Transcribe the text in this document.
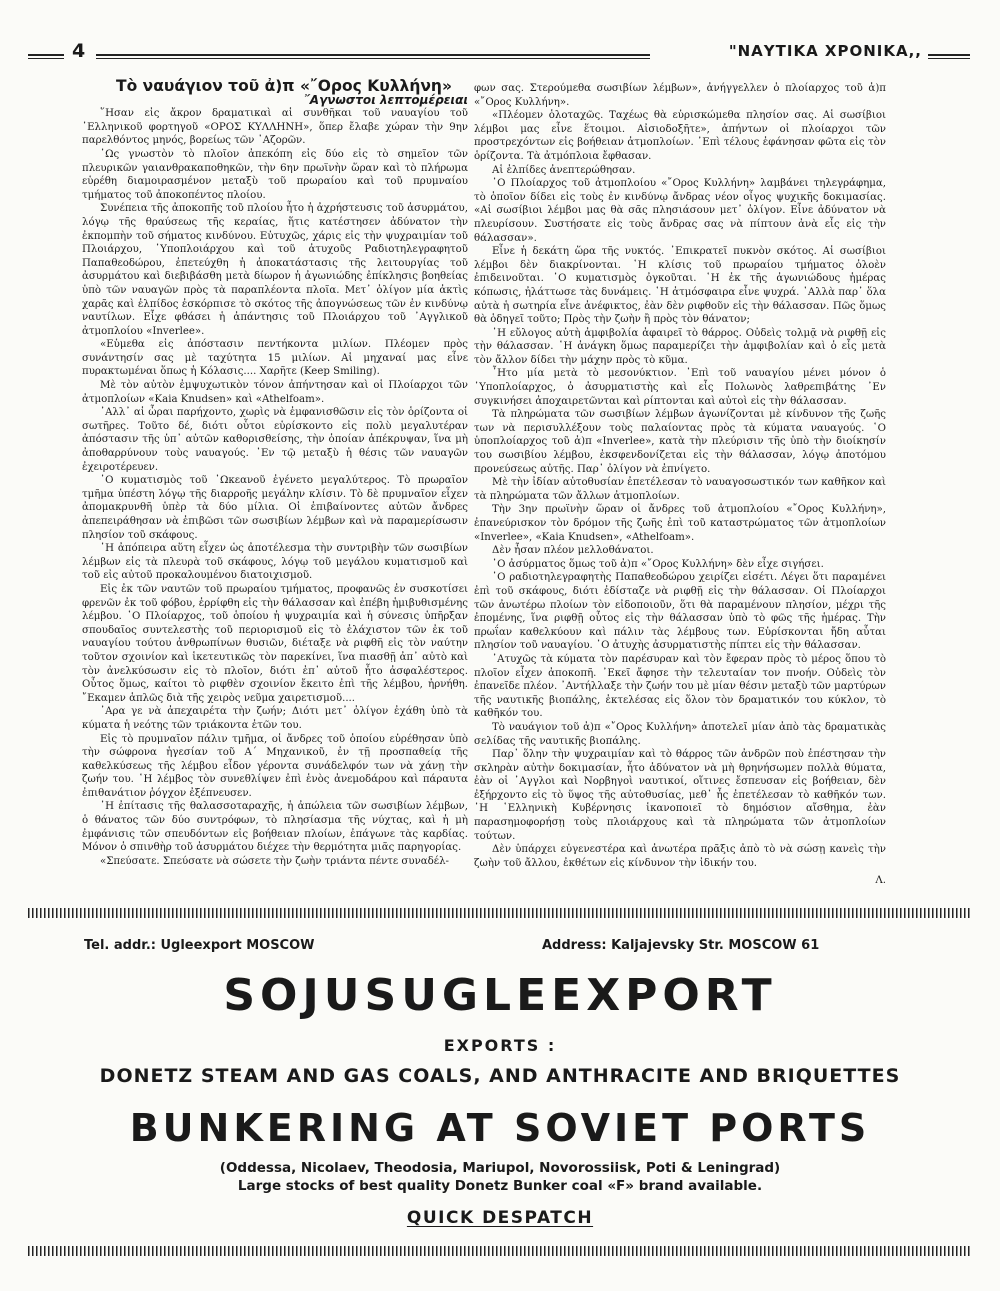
4	"ΝΑΥΤΙΚΑ ΧΡΟΝΙΚΑ,,

Τὸ ναυάγιον τοῦ ἀ)π «῎Ορος Κυλλήνη»

῎Αγνωστοι λεπτομέρειαι

῞Ησαν εἰς ἄκρον δραματικαὶ αἱ συνθῆκαι τοῦ ναυαγίου τοῦ ῾Ελληνικοῦ φορτηγοῦ «ΟΡΟΣ ΚΥΛΛΗΝΗ», ὅπερ ἔλαβε χώραν τὴν 9ην παρελθόντος μηνός, βορείως τῶν ᾿Αζορῶν.

῾Ως γνωστὸν τὸ πλοῖον ἀπεκόπη εἰς δύο εἰς τὸ σημεῖον τῶν πλευρικῶν γαιανθρακαποθηκῶν, τὴν 6ην πρωϊνὴν ὥραν καὶ τὸ πλήρωμα εὑρέθη διαμοιρασμένον μεταξὺ τοῦ πρωραίου καὶ τοῦ πρυμναίου τμήματος τοῦ ἀποκοπέντος πλοίου.

Συνέπεια τῆς ἀποκοπῆς τοῦ πλοίου ἦτο ἡ ἀχρήστευσις τοῦ ἀσυρμάτου, λόγῳ τῆς θραύσεως τῆς κεραίας, ἥτις κατέστησεν ἀδύνατον τὴν ἐκπομπὴν τοῦ σήματος κινδύνου. Εὐτυχῶς, χάρις εἰς τὴν ψυχραιμίαν τοῦ Πλοιάρχου, ῾Υποπλοιάρχου καὶ τοῦ ἀτυχοῦς Ραδιοτηλεγραφητοῦ Παπαθεοδώρου, ἐπετεύχθη ἡ ἀποκατάστασις τῆς λειτουργίας τοῦ ἀσυρμάτου καὶ διεβιβάσθη μετὰ δίωρον ἡ ἀγωνιώδης ἐπίκλησις βοηθείας ὑπὸ τῶν ναυαγῶν πρὸς τὰ παραπλέοντα πλοῖα. Μετ᾿ ὀλίγον μία ἀκτὶς χαρᾶς καὶ ἐλπίδος ἐσκόρπισε τὸ σκότος τῆς ἀπογνώσεως τῶν ἐν κινδύνῳ ναυτίλων. Εἶχε φθάσει ἡ ἀπάντησις τοῦ Πλοιάρχου τοῦ ᾿Αγγλικοῦ ἀτμοπλοίου «Inverlee».

«Εὑμεθα εἰς ἀπόστασιν πεντήκοντα μιλίων. Πλέομεν πρὸς συνάντησίν σας μὲ ταχύτητα 15 μιλίων. Αἱ μηχαναί μας εἶνε πυρακτωμέναι ὅπως ἡ Κόλασις.... Χαρῆτε (Keep Smiling).

Μὲ τὸν αὐτὸν ἐμψυχωτικὸν τόνον ἀπήντησαν καὶ οἱ Πλοίαρχοι τῶν ἀτμοπλοίων «Kaia Knudsen» καὶ «Athelfoam».

᾿Αλλ᾿ αἱ ὧραι παρήχοντο, χωρὶς νὰ ἐμφανισθῶσιν εἰς τὸν ὁρίζοντα οἱ σωτῆρες. Τοῦτο δέ, διότι οὗτοι εὑρίσκοντο εἰς πολὺ μεγαλυτέραν ἀπόστασιν τῆς ὑπ᾿ αὐτῶν καθορισθείσης, τὴν ὁποίαν ἀπέκρυψαν, ἵνα μὴ ἀποθαρρύνουν τοὺς ναυαγούς. ᾿Εν τῷ μεταξὺ ἡ θέσις τῶν ναυαγῶν ἐχειροτέρευεν.

῾Ο κυματισμὸς τοῦ ᾿Ωκεανοῦ ἐγένετο μεγαλύτερος. Τὸ πρωραῖον τμῆμα ὑπέστη λόγῳ τῆς διαρροῆς μεγάλην κλίσιν. Τὸ δὲ πρυμναῖον εἶχεν ἀπομακρυνθῆ ὑπὲρ τὰ δύο μίλια. Οἱ ἐπιβαίνοντες αὐτῶν ἄνδρες ἀπεπειράθησαν νὰ ἐπιβῶσι τῶν σωσιβίων λέμβων καὶ νὰ παραμερίσωσιν πλησίον τοῦ σκάφους.

῾Η ἀπόπειρα αὕτη εἶχεν ὡς ἀποτέλεσμα τὴν συντριβὴν τῶν σωσιβίων λέμβων εἰς τὰ πλευρὰ τοῦ σκάφους, λόγῳ τοῦ μεγάλου κυματισμοῦ καὶ τοῦ εἰς αὐτοῦ προκαλουμένου διατοιχισμοῦ.

Εἰς ἐκ τῶν ναυτῶν τοῦ πρωραίου τμήματος, προφανῶς ἐν συσκοτίσει φρενῶν ἐκ τοῦ φόβου, ἐρρίφθη εἰς τὴν θάλασσαν καὶ ἐπέβη ἡμιβυθισμένης λέμβου. ῾Ο Πλοίαρχος, τοῦ ὁποίου ἡ ψυχραιμία καὶ ἡ σύνεσις ὑπῆρξαν σπουδαῖος συντελεστὴς τοῦ περιορισμοῦ εἰς τὸ ἐλάχιστον τῶν ἐκ τοῦ ναυαγίου τούτου ἀνθρωπίνων θυσιῶν, διέταξε νὰ ριφθῆ εἰς τὸν ναύτην τοῦτον σχοινίον καὶ ἱκετευτικῶς τὸν παρεκίνει, ἵνα πιασθῇ ἀπ᾿ αὐτὸ καὶ τὸν ἀνελκύσωσιν εἰς τὸ πλοῖον, διότι ἐπ᾿ αὐτοῦ ἦτο ἀσφαλέστερος. Οὗτος ὅμως, καίτοι τὸ ριφθὲν σχοινίον ἔκειτο ἐπὶ τῆς λέμβου, ἠρνήθη. ῎Εκαμεν ἁπλῶς διὰ τῆς χειρὸς νεῦμα χαιρετισμοῦ....

᾿Αρα γε νὰ ἀπεχαιρέτα τὴν ζωήν; Διότι μετ᾿ ὀλίγον ἐχάθη ὑπὸ τὰ κύματα ἡ νεότης τῶν τριάκοντα ἐτῶν του.

Εἰς τὸ πρυμναῖον πάλιν τμῆμα, οἱ ἄνδρες τοῦ ὁποίου εὑρέθησαν ὑπὸ τὴν σώφρονα ἡγεσίαν τοῦ Α΄ Μηχανικοῦ, ἐν τῇ προσπαθείᾳ τῆς καθελκύσεως τῆς λέμβου εἶδον γέροντα συνάδελφόν των νὰ χάνῃ τὴν ζωήν του. ῾Η λέμβος τὸν συνεθλίψεν ἐπὶ ἑνὸς ἀνεμοδάρου καὶ πάραυτα ἐπιθανάτιον ῥόγχον ἐξέπνευσεν.

῾Η ἐπίτασις τῆς θαλασσοταραχῆς, ἡ ἀπώλεια τῶν σωσιβίων λέμβων, ὁ θάνατος τῶν δύο συντρόφων, τὸ πλησίασμα τῆς νύχτας, καὶ ἡ μὴ ἐμφάνισις τῶν σπευδόντων εἰς βοήθειαν πλοίων, ἐπάγωνε τὰς καρδίας. Μόνον ὁ σπινθὴρ τοῦ ἀσυρμάτου διέχεε τὴν θερμότητα μιᾶς παρηγορίας.

«Σπεύσατε. Σπεύσατε νὰ σώσετε τὴν ζωὴν τριάντα πέντε συναδέλ-

φων σας. Στερούμεθα σωσιβίων λέμβων», ἀνήγγελλεν ὁ πλοίαρχος τοῦ ἀ)π «῎Ορος Κυλλήνη».

«Πλέομεν ὁλοταχῶς. Ταχέως θὰ εὑρισκώμεθα πλησίον σας. Αἱ σωσίβιοι λέμβοι μας εἶνε ἕτοιμοι. Αἰσιοδοξῆτε», ἀπήντων οἱ πλοίαρχοι τῶν προστρεχόντων εἰς βοήθειαν ἀτμοπλοίων. ᾿Επὶ τέλους ἐφάνησαν φῶτα εἰς τὸν ὁρίζοντα. Τὰ ἀτμόπλοια ἔφθασαν.

Αἱ ἐλπίδες ἀνεπτερώθησαν.

῾Ο Πλοίαρχος τοῦ ἀτμοπλοίου «῎Ορος Κυλλήνη» λαμβάνει τηλεγράφημα, τὸ ὁποῖον δίδει εἰς τοὺς ἐν κινδύνῳ ἄνδρας νέον οἶγος ψυχικῆς δοκιμασίας. «Αἱ σωσίβιοι λέμβοι μας θὰ σᾶς πλησιάσουν μετ᾿ ὀλίγον. Εἶνε ἀδύνατον νὰ πλευρίσουν. Συστήσατε εἰς τοὺς ἄνδρας σας νὰ πίπτουν ἀνὰ εἷς εἰς τὴν θάλασσαν».

Εἶνε ἡ δεκάτη ὥρα τῆς νυκτός. ᾿Επικρατεῖ πυκνὸν σκότος. Αἱ σωσίβιοι λέμβοι δὲν διακρίνονται. ῾Η κλίσις τοῦ πρωραίου τμήματος ὁλοὲν ἐπιδεινοῦται. ῾Ο κυματισμὸς ὀγκοῦται. ῾Η ἐκ τῆς ἀγωνιώδους ἡμέρας κόπωσις, ἠλάττωσε τὰς δυνάμεις. ῾Η ἀτμόσφαιρα εἶνε ψυχρά. ᾿Αλλὰ παρ᾿ ὅλα αὐτὰ ἡ σωτηρία εἶνε ἀνέφικτος, ἐὰν δὲν ριφθοῦν εἰς τὴν θάλασσαν. Πῶς ὅμως θὰ ὁδηγεῖ τοῦτο; Πρὸς τὴν ζωὴν ἢ πρὸς τὸν θάνατον;

῾Η εὔλογος αὐτὴ ἀμφιβολία ἀφαιρεῖ τὸ θάρρος. Οὐδεὶς τολμᾷ νὰ ριφθῇ εἰς τὴν θάλασσαν. ῾Η ἀνάγκη ὅμως παραμερίζει τὴν ἀμφιβολίαν καὶ ὁ εἷς μετὰ τὸν ἄλλον δίδει τὴν μάχην πρὸς τὸ κῦμα.

῏Ητο μία μετὰ τὸ μεσονύκτιον. ᾿Επὶ τοῦ ναυαγίου μένει μόνον ὁ ῾Υποπλοίαρχος, ὁ ἀσυρματιστὴς καὶ εἷς Πολωνὸς λαθρεπιβάτης ᾿Εν συγκινήσει ἀποχαιρετῶνται καὶ ρίπτονται καὶ αὐτοὶ εἰς τὴν θάλασσαν.

Τὰ πληρώματα τῶν σωσιβίων λέμβων ἀγωνίζονται μὲ κίνδυνον τῆς ζωῆς των νὰ περισυλλέξουν τοὺς παλαίοντας πρὸς τὰ κύματα ναυαγούς. ῾Ο ὑποπλοίαρχος τοῦ ἀ)π «Inverlee», κατὰ τὴν πλεύρισιν τῆς ὑπὸ τὴν διοίκησίν του σωσιβίου λέμβου, ἐκσφενδονίζεται εἰς τὴν θάλασσαν, λόγῳ ἀποτόμου προνεύσεως αὐτῆς. Παρ᾿ ὀλίγον νὰ ἐπνίγετο.

Μὲ τὴν ἰδίαν αὐτοθυσίαν ἐπετέλεσαν τὸ ναυαγοσωστικόν των καθῆκον καὶ τὰ πληρώματα τῶν ἄλλων ἀτμοπλοίων.

Τὴν 3ην πρωϊνὴν ὥραν οἱ ἄνδρες τοῦ ἀτμοπλοίου «῎Ορος Κυλλήνη», ἐπανεύρισκον τὸν δρόμον τῆς ζωῆς ἐπὶ τοῦ καταστρώματος τῶν ἀτμοπλοίων «Inverlee», «Kaia Knudsen», «Athelfoam».

Δὲν ἦσαν πλέον μελλοθάνατοι.

῾Ο ἀσύρματος ὅμως τοῦ ἀ)π «῎Ορος Κυλλήνη» δὲν εἶχε σιγήσει.

῾Ο ραδιοτηλεγραφητὴς Παπαθεοδώρου χειρίζει εἰσέτι. Λέγει ὅτι παραμένει ἐπὶ τοῦ σκάφους, διότι ἐδίσταζε νὰ ριφθῇ εἰς τὴν θάλασσαν. Οἱ Πλοίαρχοι τῶν ἀνωτέρω πλοίων τὸν εἰδοποιοῦν, ὅτι θὰ παραμένουν πλησίον, μέχρι τῆς ἐπομένης, ἵνα ριφθῇ οὗτος εἰς τὴν θάλασσαν ὑπὸ τὸ φῶς τῆς ἡμέρας. Τὴν πρωΐαν καθελκύουν καὶ πάλιν τὰς λέμβους των. Εὑρίσκονται ἤδη αὗται πλησίον τοῦ ναυαγίου. ῾Ο ἀτυχὴς ἀσυρματιστὴς πίπτει εἰς τὴν θάλασσαν.

᾿Ατυχῶς τὰ κύματα τὸν παρέσυραν καὶ τὸν ἔφεραν πρὸς τὸ μέρος ὅπου τὸ πλοῖον εἶχεν ἀποκοπῆ. ᾿Εκεῖ ἄφησε τὴν τελευταίαν τον πνοήν. Οὐδεὶς τὸν ἐπανεῖδε πλέον. ᾿Αντήλλαξε τὴν ζωήν του μὲ μίαν θέσιν μεταξὺ τῶν μαρτύρων τῆς ναυτικῆς βιοπάλης, ἐκτελέσας εἰς ὅλον τὸν δραματικόν του κύκλον, τὸ καθῆκόν του.

Τὸ ναυάγιον τοῦ ἀ)π «῎Ορος Κυλλήνη» ἀποτελεῖ μίαν ἀπὸ τὰς δραματικὰς σελίδας τῆς ναυτικῆς βιοπάλης.

Παρ᾿ ὅλην τὴν ψυχραιμίαν καὶ τὸ θάρρος τῶν ἀνδρῶν ποὺ ἐπέστησαν τὴν σκληρὰν αὐτὴν δοκιμασίαν, ἦτο ἀδύνατον νὰ μὴ θρηνήσωμεν πολλὰ θύματα, ἐὰν οἱ ᾿Αγγλοι καὶ Νορβηγοὶ ναυτικοί, οἵτινες ἔσπευσαν εἰς βοήθειαν, δὲν ἐξήρχοντο εἰς τὸ ὕψος τῆς αὐτοθυσίας, μεθ᾿ ἧς ἐπετέλεσαν τὸ καθῆκόν των. ῾Η ῾Ελληνικὴ Κυβέρνησις ἱκανοποιεῖ τὸ δημόσιον αἴσθημα, ἐὰν παρασημοφορήσῃ τοὺς πλοιάρχους καὶ τὰ πληρώματα τῶν ἀτμοπλοίων τούτων.

Δὲν ὑπάρχει εὐγενεστέρα καὶ ἀνωτέρα πρᾶξις ἀπὸ τὸ νὰ σώσῃ κανεὶς τὴν ζωὴν τοῦ ἄλλου, ἐκθέτων εἰς κίνδυνον τὴν ἰδικήν του.

Λ.

Tel. addr.: Ugleexport MOSCOW	Address: Kaljajevsky Str. MOSCOW 61
SOJUSUGLEEXPORT
EXPORTS :
DONETZ STEAM AND GAS COALS, AND ANTHRACITE AND BRIQUETTES
BUNKERING AT SOVIET PORTS
(Oddessa, Nicolaev, Theodosia, Mariupol, Novorossiisk, Poti & Leningrad)
Large stocks of best quality Donetz Bunker coal «F» brand available.
QUICK DESPATCH
